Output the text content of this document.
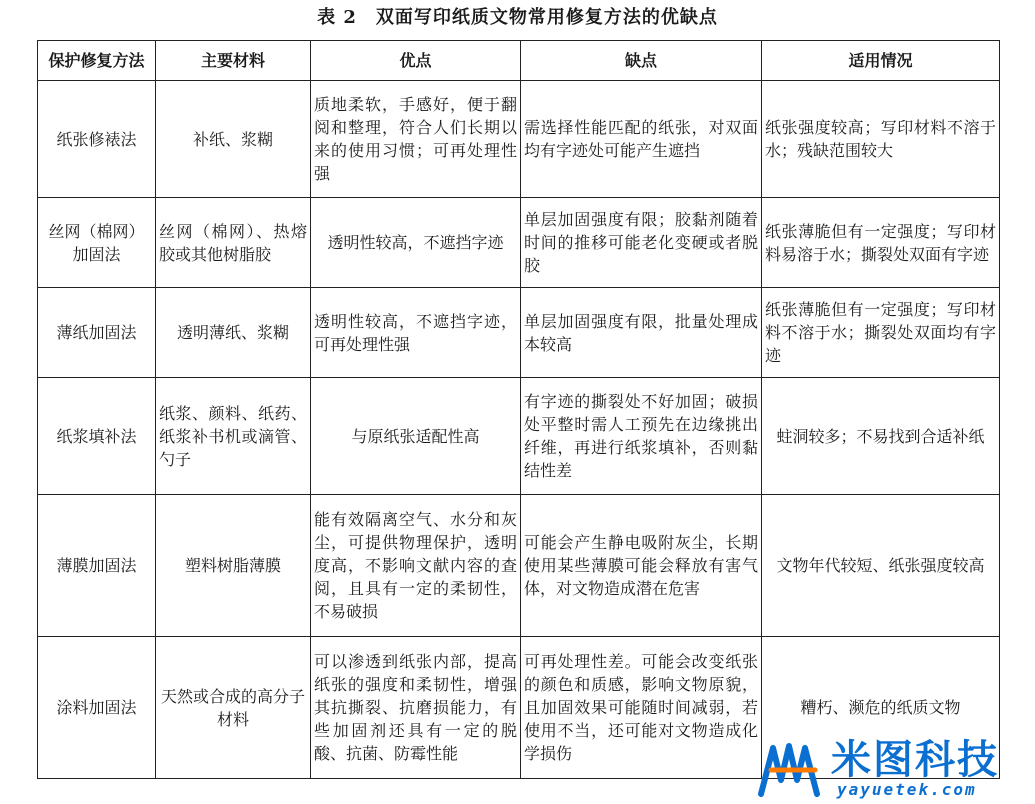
表 2　双面写印纸质文物常用修复方法的优缺点
保护修复方法	主要材料	优点	缺点	适用情况
纸张修裱法	补纸、浆糊	质地柔软，手感好，便于翻阅和整理，符合人们长期以来的使用习惯；可再处理性强	需选择性能匹配的纸张，对双面均有字迹处可能产生遮挡	纸张强度较高；写印材料不溶于水；残缺范围较大
丝网（棉网）加固法	丝网（棉网）、热熔胶或其他树脂胶	透明性较高，不遮挡字迹	单层加固强度有限；胶黏剂随着时间的推移可能老化变硬或者脱胶	纸张薄脆但有一定强度；写印材料易溶于水；撕裂处双面有字迹
薄纸加固法	透明薄纸、浆糊	透明性较高，不遮挡字迹，可再处理性强	单层加固强度有限，批量处理成本较高	纸张薄脆但有一定强度；写印材料不溶于水；撕裂处双面均有字迹
纸浆填补法	纸浆、颜料、纸药、纸浆补书机或滴管、勺子	与原纸张适配性高	有字迹的撕裂处不好加固；破损处平整时需人工预先在边缘挑出纤维，再进行纸浆填补，否则黏结性差	蛀洞较多；不易找到合适补纸
薄膜加固法	塑料树脂薄膜	能有效隔离空气、水分和灰尘，可提供物理保护，透明度高，不影响文献内容的查阅，且具有一定的柔韧性，不易破损	可能会产生静电吸附灰尘，长期使用某些薄膜可能会释放有害气体，对文物造成潜在危害	文物年代较短、纸张强度较高
涂料加固法	天然或合成的高分子材料	可以渗透到纸张内部，提高纸张的强度和柔韧性，增强其抗撕裂、抗磨损能力，有些加固剂还具有一定的脱酸、抗菌、防霉性能	可再处理性差。可能会改变纸张的颜色和质感，影响文物原貌，且加固效果可能随时间减弱，若使用不当，还可能对文物造成化学损伤	糟朽、濒危的纸质文物
米图科技
yayuetek.com
